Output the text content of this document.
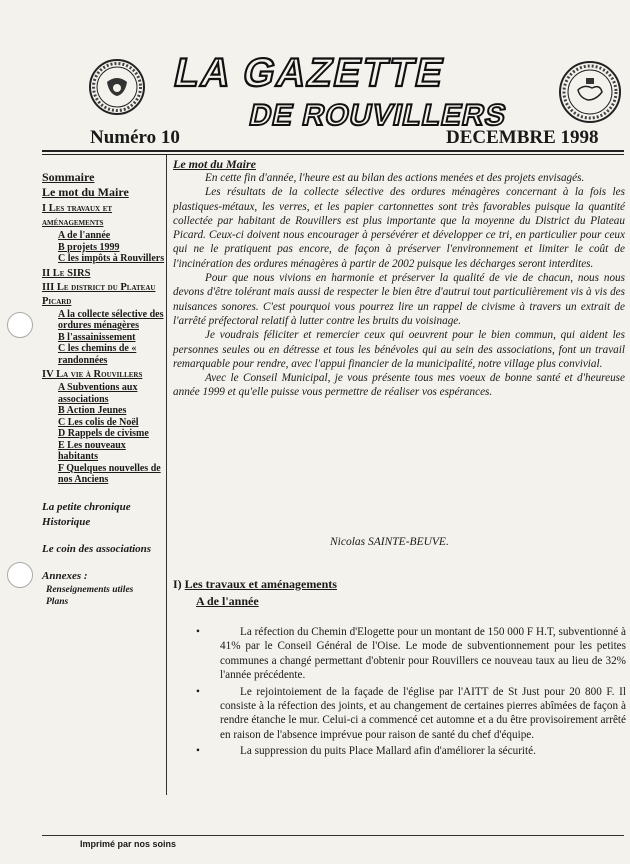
LA GAZETTE
DE ROUVILLERS
Numéro 10	DECEMBRE 1998
Sommaire
Le mot du Maire
I Les travaux et aménagements
A de l'année
B projets 1999
C les impôts à Rouvillers
II Le SIRS
III Le district du Plateau Picard
A la collecte sélective des ordures ménagères
B l'assainissement
C les chemins de « randonnées
IV La vie à Rouvillers
A Subventions aux associations
B Action Jeunes
C Les colis de Noël
D Rappels de civisme
E Les nouveaux habitants
F Quelques nouvelles de nos Anciens
La petite chronique Historique
Le coin des associations
Annexes :
Renseignements utiles
Plans
Le mot du Maire

En cette fin d'année, l'heure est au bilan des actions menées et des projets envisagés.

Les résultats de la collecte sélective des ordures ménagères concernant à la fois les plastiques-métaux, les verres, et les papier cartonnettes sont très favorables puisque la quantité collectée par habitant de Rouvillers est plus importante que la moyenne du District du Plateau Picard. Ceux-ci doivent nous encourager à persévérer et développer ce tri, en particulier pour ceux qui ne le pratiquent pas encore, de façon à préserver l'environnement et limiter le coût de l'incinération des ordures ménagères à partir de 2002 puisque les décharges seront interdites.

Pour que nous vivions en harmonie et préserver la qualité de vie de chacun, nous nous devons d'être tolérant mais aussi de respecter le bien être d'autrui tout particulièrement vis à vis des nuisances sonores. C'est pourquoi vous pourrez lire un rappel de civisme à travers un extrait de l'arrêté préfectoral relatif à lutter contre les bruits du voisinage.

Je voudrais féliciter et remercier ceux qui oeuvrent pour le bien commun, qui aident les personnes seules ou en détresse et tous les bénévoles qui au sein des associations, font un travail remarquable pour rendre, avec l'appui financier de la municipalité, notre village plus convivial.

Avec le Conseil Municipal, je vous présente tous mes voeux de bonne santé et d'heureuse année 1999 et qu'elle puisse vous permettre de réaliser vos espérances.

Nicolas SAINTE-BEUVE.
I) Les travaux et aménagements
A de l'année
•	La réfection du Chemin d'Elogette pour un montant de 150 000 F H.T, subventionné à 41% par le Conseil Général de l'Oise. Le mode de subventionnement pour les petites communes a changé permettant d'obtenir pour Rouvillers ce nouveau taux au lieu de 32% l'année précédente.
•	Le rejointoiement de la façade de l'église par l'AITT de St Just pour 20 800 F. Il consiste à la réfection des joints, et au changement de certaines pierres abîmées de façon à rendre étanche le mur. Celui-ci a commencé cet automne et a du être provisoirement arrêté en raison de l'absence imprévue pour raison de santé du chef d'équipe.
•	La suppression du puits Place Mallard afin d'améliorer la sécurité.
Imprimé par nos soins
